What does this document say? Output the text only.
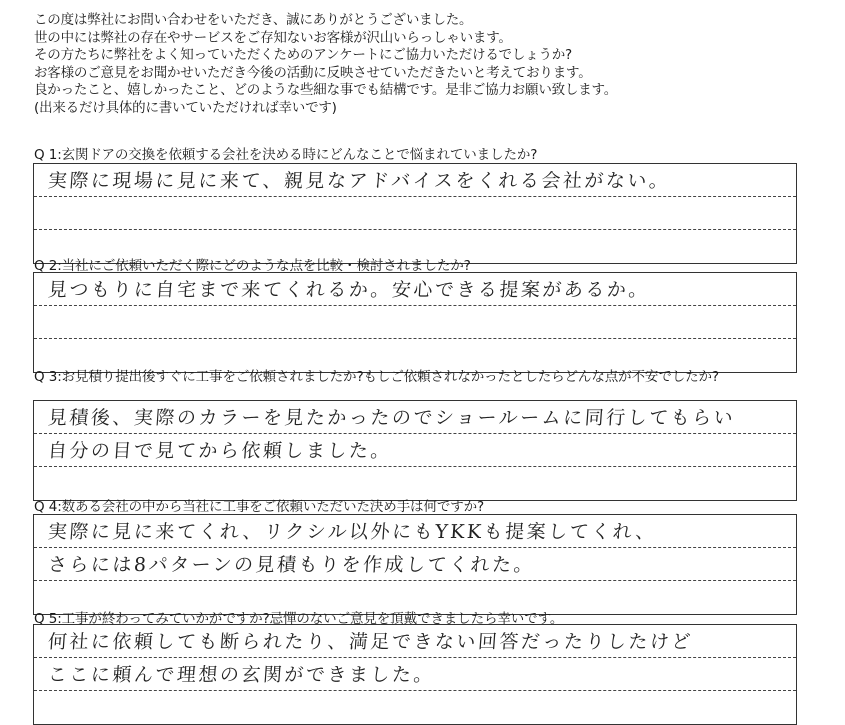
この度は弊社にお問い合わせをいただき、誠にありがとうございました。

世の中には弊社の存在やサービスをご存知ないお客様が沢山いらっしゃいます。

その方たちに弊社をよく知っていただくためのアンケートにご協力いただけるでしょうか?

お客様のご意見をお聞かせいただき今後の活動に反映させていただきたいと考えております。

良かったこと、嬉しかったこと、どのような些細な事でも結構です。是非ご協力お願い致します。

(出来るだけ具体的に書いていただければ幸いです)

Q 1:玄関ドアの交換を依頼する会社を決める時にどんなことで悩まれていましたか?
実際に現場に見に来て、親見なアドバイスをくれる会社がない。
Q 2:当社にご依頼いただく際にどのような点を比較・検討されましたか?
見つもりに自宅まで来てくれるか。安心できる提案があるか。
Q 3:お見積り提出後すぐに工事をご依頼されましたか?もしご依頼されなかったとしたらどんな点が不安でしたか?
見積後、実際のカラーを見たかったのでショールームに同行してもらい
自分の目で見てから依頼しました。
Q 4:数ある会社の中から当社に工事をご依頼いただいた決め手は何ですか?
実際に見に来てくれ、リクシル以外にもYKKも提案してくれ、
さらには8パターンの見積もりを作成してくれた。
Q 5:工事が終わってみていかがですか?忌憚のないご意見を頂戴できましたら幸いです。
何社に依頼しても断られたり、満足できない回答だったりしたけど
ここに頼んで理想の玄関ができました。
